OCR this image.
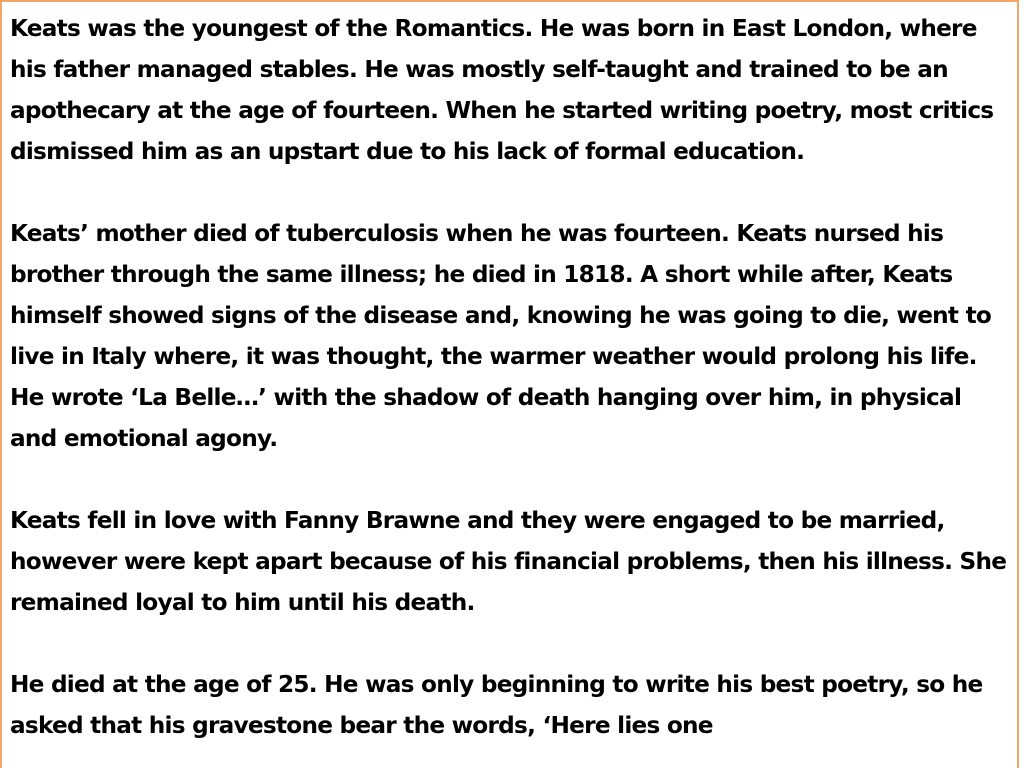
Keats was the youngest of the Romantics. He was born in East London, where his father managed stables. He was mostly self-taught and trained to be an apothecary at the age of fourteen. When he started writing poetry, most critics dismissed him as an upstart due to his lack of formal education.

Keats’ mother died of tuberculosis when he was fourteen. Keats nursed his brother through the same illness; he died in 1818. A short while after, Keats himself showed signs of the disease and, knowing he was going to die, went to live in Italy where, it was thought, the warmer weather would prolong his life. He wrote ‘La Belle…’ with the shadow of death hanging over him, in physical and emotional agony.

Keats fell in love with Fanny Brawne and they were engaged to be married, however were kept apart because of his financial problems, then his illness. She remained loyal to him until his death.

He died at the age of 25. He was only beginning to write his best poetry, so he asked that his gravestone bear the words, ‘Here lies one
